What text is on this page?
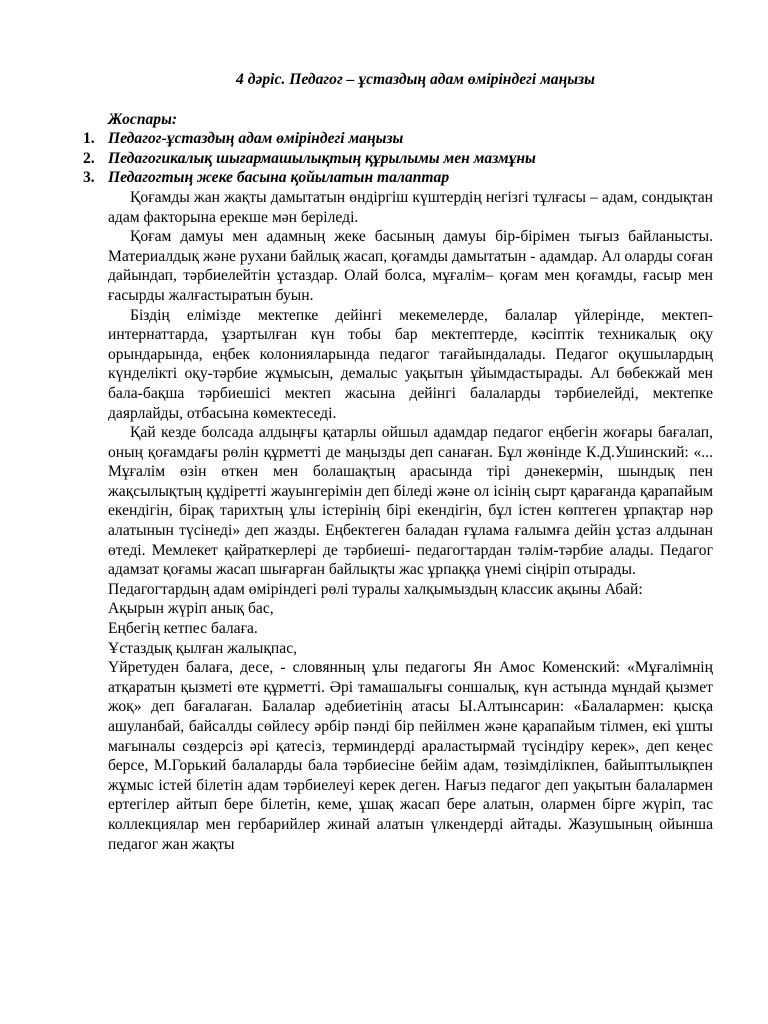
4 дәріс. Педагог – ұстаздың адам өміріндегі маңызы
Жоспары:
1. Педагог-ұстаздың адам өміріндегі маңызы
2. Педагогикалық шығармашылықтың құрылымы мен мазмұны
3. Педагогтың жеке басына қойылатын талаптар

Қоғамды жан жақты дамытатын өндіргіш күштердің негізгі тұлғасы – адам, сондықтан адам факторына ерекше мән беріледі.

Қоғам дамуы мен адамның жеке басының дамуы бір-бірімен тығыз байланысты. Материалдық және рухани байлық жасап, қоғамды дамытатын - адамдар. Ал оларды соған дайындап, тәрбиелейтін ұстаздар. Олай болса, мұғалім– қоғам мен қоғамды, ғасыр мен ғасырды жалғастыратын буын.

Біздің елімізде мектепке дейінгі мекемелерде, балалар үйлерінде, мектеп-интернаттарда, ұзартылған күн тобы бар мектептерде, кәсіптік техникалық оқу орындарында, еңбек колонияларында педагог тағайындалады. Педагог оқушылардың күнделікті оқу-тәрбие жұмысын, демалыс уақытын ұйымдастырады. Ал бөбекжай мен бала-бақша тәрбиешісі мектеп жасына дейінгі балаларды тәрбиелейді, мектепке даярлайды, отбасына көмектеседі.

Қай кезде болсада алдыңғы қатарлы ойшыл адамдар педагог еңбегін жоғары бағалап, оның қоғамдағы рөлін құрметті де маңызды деп санаған. Бұл жөнінде К.Д.Ушинский: «... Мұғалім өзін өткен мен болашақтың арасында тірі дәнекермін, шындық пен жақсылықтың құдіретті жауынгерімін деп біледі және ол ісінің сырт қарағанда қарапайым екендігін, бірақ тарихтың ұлы істерінің бірі екендігін, бұл істен көптеген ұрпақтар нәр алатынын түсінеді» деп жазды. Еңбектеген баладан ғұлама ғалымға дейін ұстаз алдынан өтеді. Мемлекет қайраткерлері де тәрбиеші- педагогтардан тәлім-тәрбие алады. Педагог адамзат қоғамы жасап шығарған байлықты жас ұрпаққа үнемі сіңіріп отырады.

Педагогтардың адам өміріндегі рөлі туралы халқымыздың классик ақыны Абай:

Ақырын жүріп анық бас,

Еңбегің кетпес балаға.

Ұстаздық қылған жалықпас,

Үйретуден балаға, десе, - словянның ұлы педагогы Ян Амос Коменский: «Мұғалімнің атқаратын қызметі өте құрметті. Әрі тамашалығы соншалық, күн астында мұндай қызмет жоқ» деп бағалаған. Балалар әдебиетінің атасы Ы.Алтынсарин: «Балалармен: қысқа ашуланбай, байсалды сөйлесу әрбір пәнді бір пейілмен және қарапайым тілмен, екі ұшты мағыналы сөздерсіз әрі қатесіз, терминдерді араластырмай түсіндіру керек», деп кеңес берсе, М.Горький балаларды бала тәрбиесіне бейім адам, төзімділікпен, байыптылықпен жұмыс істей білетін адам тәрбиелеуі керек деген. Нағыз педагог деп уақытын балалармен ертегілер айтып бере білетін, кеме, ұшақ жасап бере алатын, олармен бірге жүріп, тас коллекциялар мен гербарийлер жинай алатын үлкендерді айтады. Жазушының ойынша педагог жан жақты
